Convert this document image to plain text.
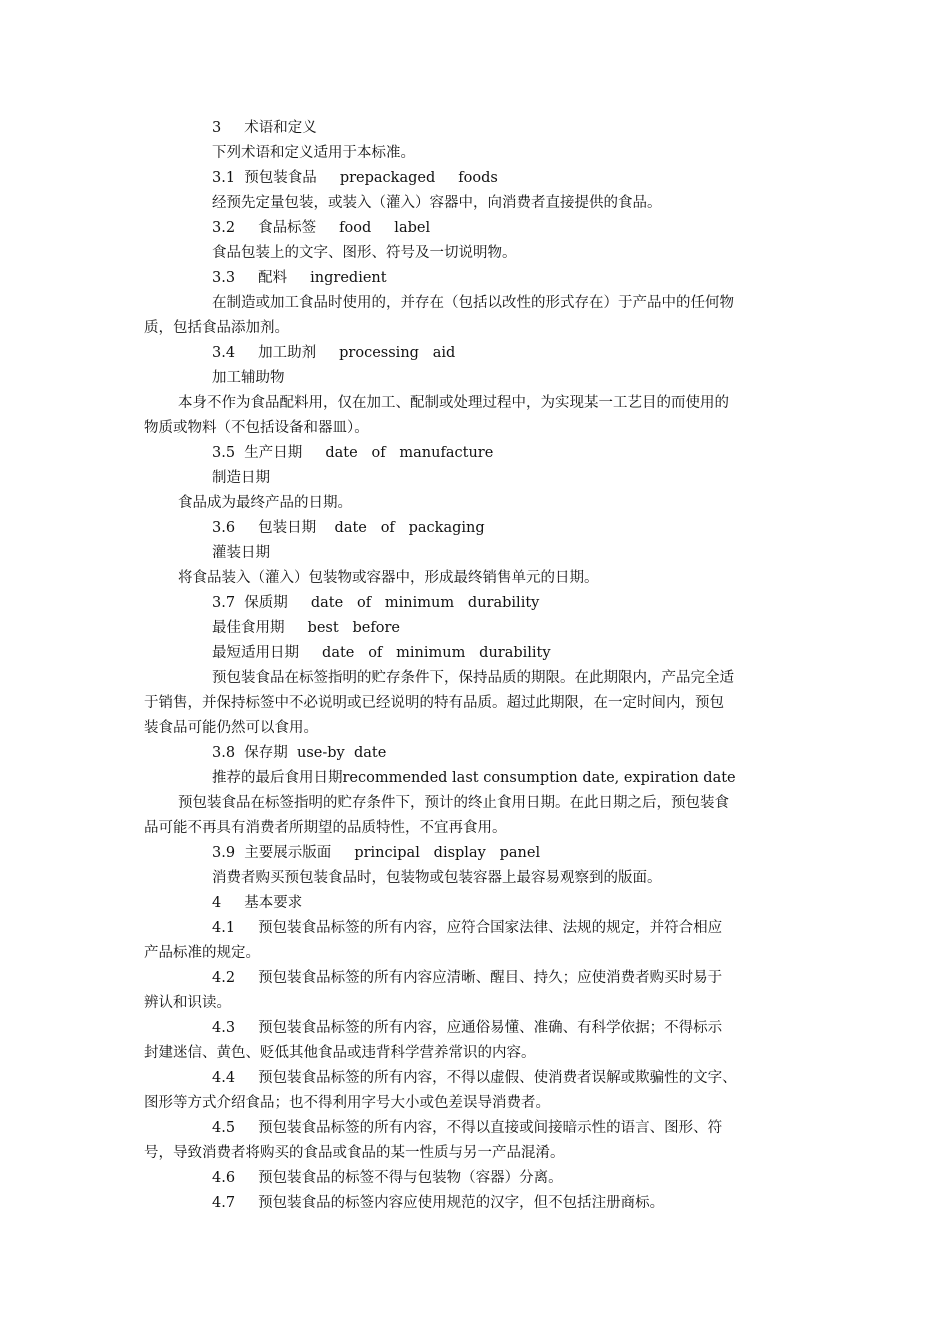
3     术语和定义
下列术语和定义适用于本标准。
3.1  预包装食品     prepackaged     foods
经预先定量包装，或装入（灌入）容器中，向消费者直接提供的食品。
3.2     食品标签     food     label
食品包装上的文字、图形、符号及一切说明物。
3.3     配料     ingredient
在制造或加工食品时使用的，并存在（包括以改性的形式存在）于产品中的任何物
质，包括食品添加剂。
3.4     加工助剂     processing   aid
加工辅助物
本身不作为食品配料用，仅在加工、配制或处理过程中，为实现某一工艺目的而使用的
物质或物料（不包括设备和器皿）。
3.5  生产日期     date   of   manufacture
制造日期
食品成为最终产品的日期。
3.6     包装日期    date   of   packaging
灌装日期
将食品装入（灌入）包装物或容器中，形成最终销售单元的日期。
3.7  保质期     date   of   minimum   durability
最佳食用期     best   before
最短适用日期     date   of   minimum   durability
预包装食品在标签指明的贮存条件下，保持品质的期限。在此期限内，产品完全适
于销售，并保持标签中不必说明或已经说明的特有品质。超过此期限，在一定时间内，预包
装食品可能仍然可以食用。
3.8  保存期  use-by  date
推荐的最后食用日期recommended last consumption date, expiration date
预包装食品在标签指明的贮存条件下，预计的终止食用日期。在此日期之后，预包装食
品可能不再具有消费者所期望的品质特性，不宜再食用。
3.9  主要展示版面     principal   display   panel
消费者购买预包装食品时，包装物或包装容器上最容易观察到的版面。
4     基本要求
4.1     预包装食品标签的所有内容，应符合国家法律、法规的规定，并符合相应
产品标准的规定。
4.2     预包装食品标签的所有内容应清晰、醒目、持久；应使消费者购买时易于
辨认和识读。
4.3     预包装食品标签的所有内容，应通俗易懂、准确、有科学依据；不得标示
封建迷信、黄色、贬低其他食品或违背科学营养常识的内容。
4.4     预包装食品标签的所有内容，不得以虚假、使消费者误解或欺骗性的文字、
图形等方式介绍食品；也不得利用字号大小或色差误导消费者。
4.5     预包装食品标签的所有内容，不得以直接或间接暗示性的语言、图形、符
号，导致消费者将购买的食品或食品的某一性质与另一产品混淆。
4.6     预包装食品的标签不得与包装物（容器）分离。
4.7     预包装食品的标签内容应使用规范的汉字，但不包括注册商标。
